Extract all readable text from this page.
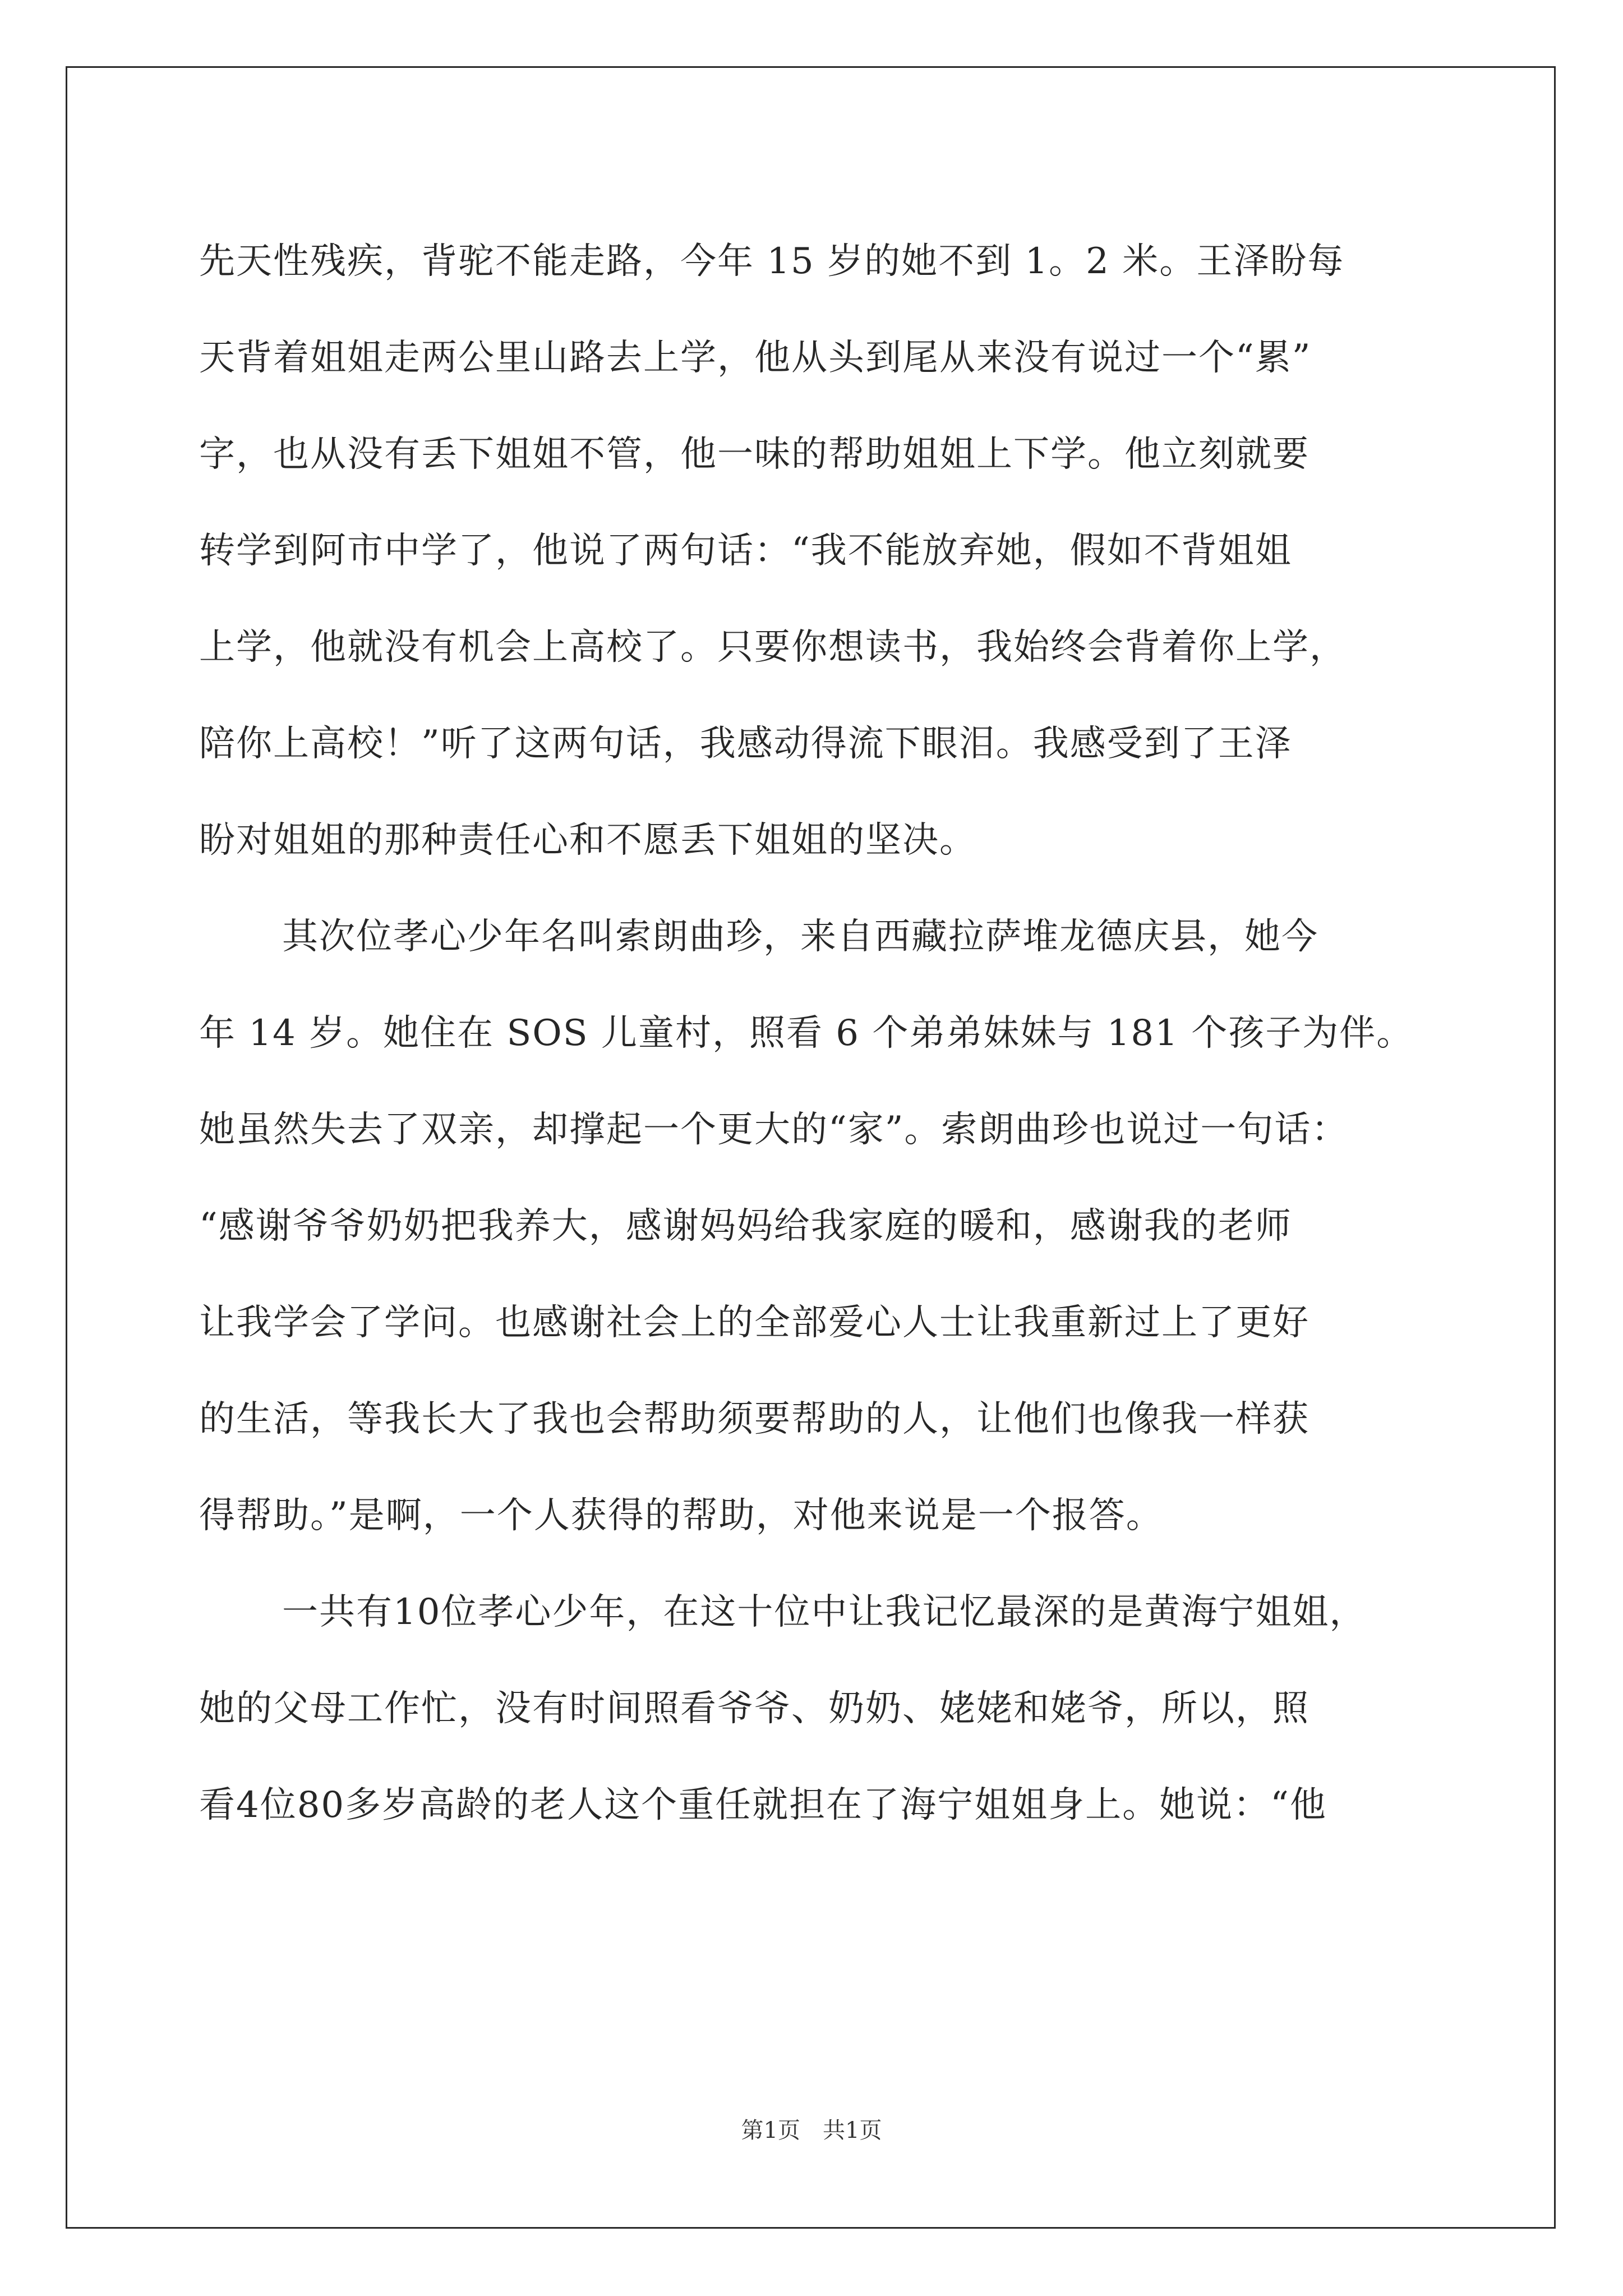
先天性残疾，背驼不能走路，今年 15 岁的她不到 1。2 米。王泽盼每
天背着姐姐走两公里山路去上学，他从头到尾从来没有说过一个“累”
字，也从没有丢下姐姐不管，他一味的帮助姐姐上下学。他立刻就要
转学到阿市中学了，他说了两句话：“我不能放弃她，假如不背姐姐
上学，他就没有机会上高校了。只要你想读书，我始终会背着你上学，
陪你上高校！”听了这两句话，我感动得流下眼泪。我感受到了王泽
盼对姐姐的那种责任心和不愿丢下姐姐的坚决。
其次位孝心少年名叫索朗曲珍，来自西藏拉萨堆龙德庆县，她今
年 14 岁。她住在 SOS 儿童村，照看 6 个弟弟妹妹与 181 个孩子为伴。
她虽然失去了双亲，却撑起一个更大的“家”。索朗曲珍也说过一句话：
“感谢爷爷奶奶把我养大，感谢妈妈给我家庭的暖和，感谢我的老师
让我学会了学问。也感谢社会上的全部爱心人士让我重新过上了更好
的生活，等我长大了我也会帮助须要帮助的人，让他们也像我一样获
得帮助。”是啊，一个人获得的帮助，对他来说是一个报答。
一共有10位孝心少年，在这十位中让我记忆最深的是黄海宁姐姐，
她的父母工作忙，没有时间照看爷爷、奶奶、姥姥和姥爷，所以，照
看4位80多岁高龄的老人这个重任就担在了海宁姐姐身上。她说：“他
第1页　共1页
